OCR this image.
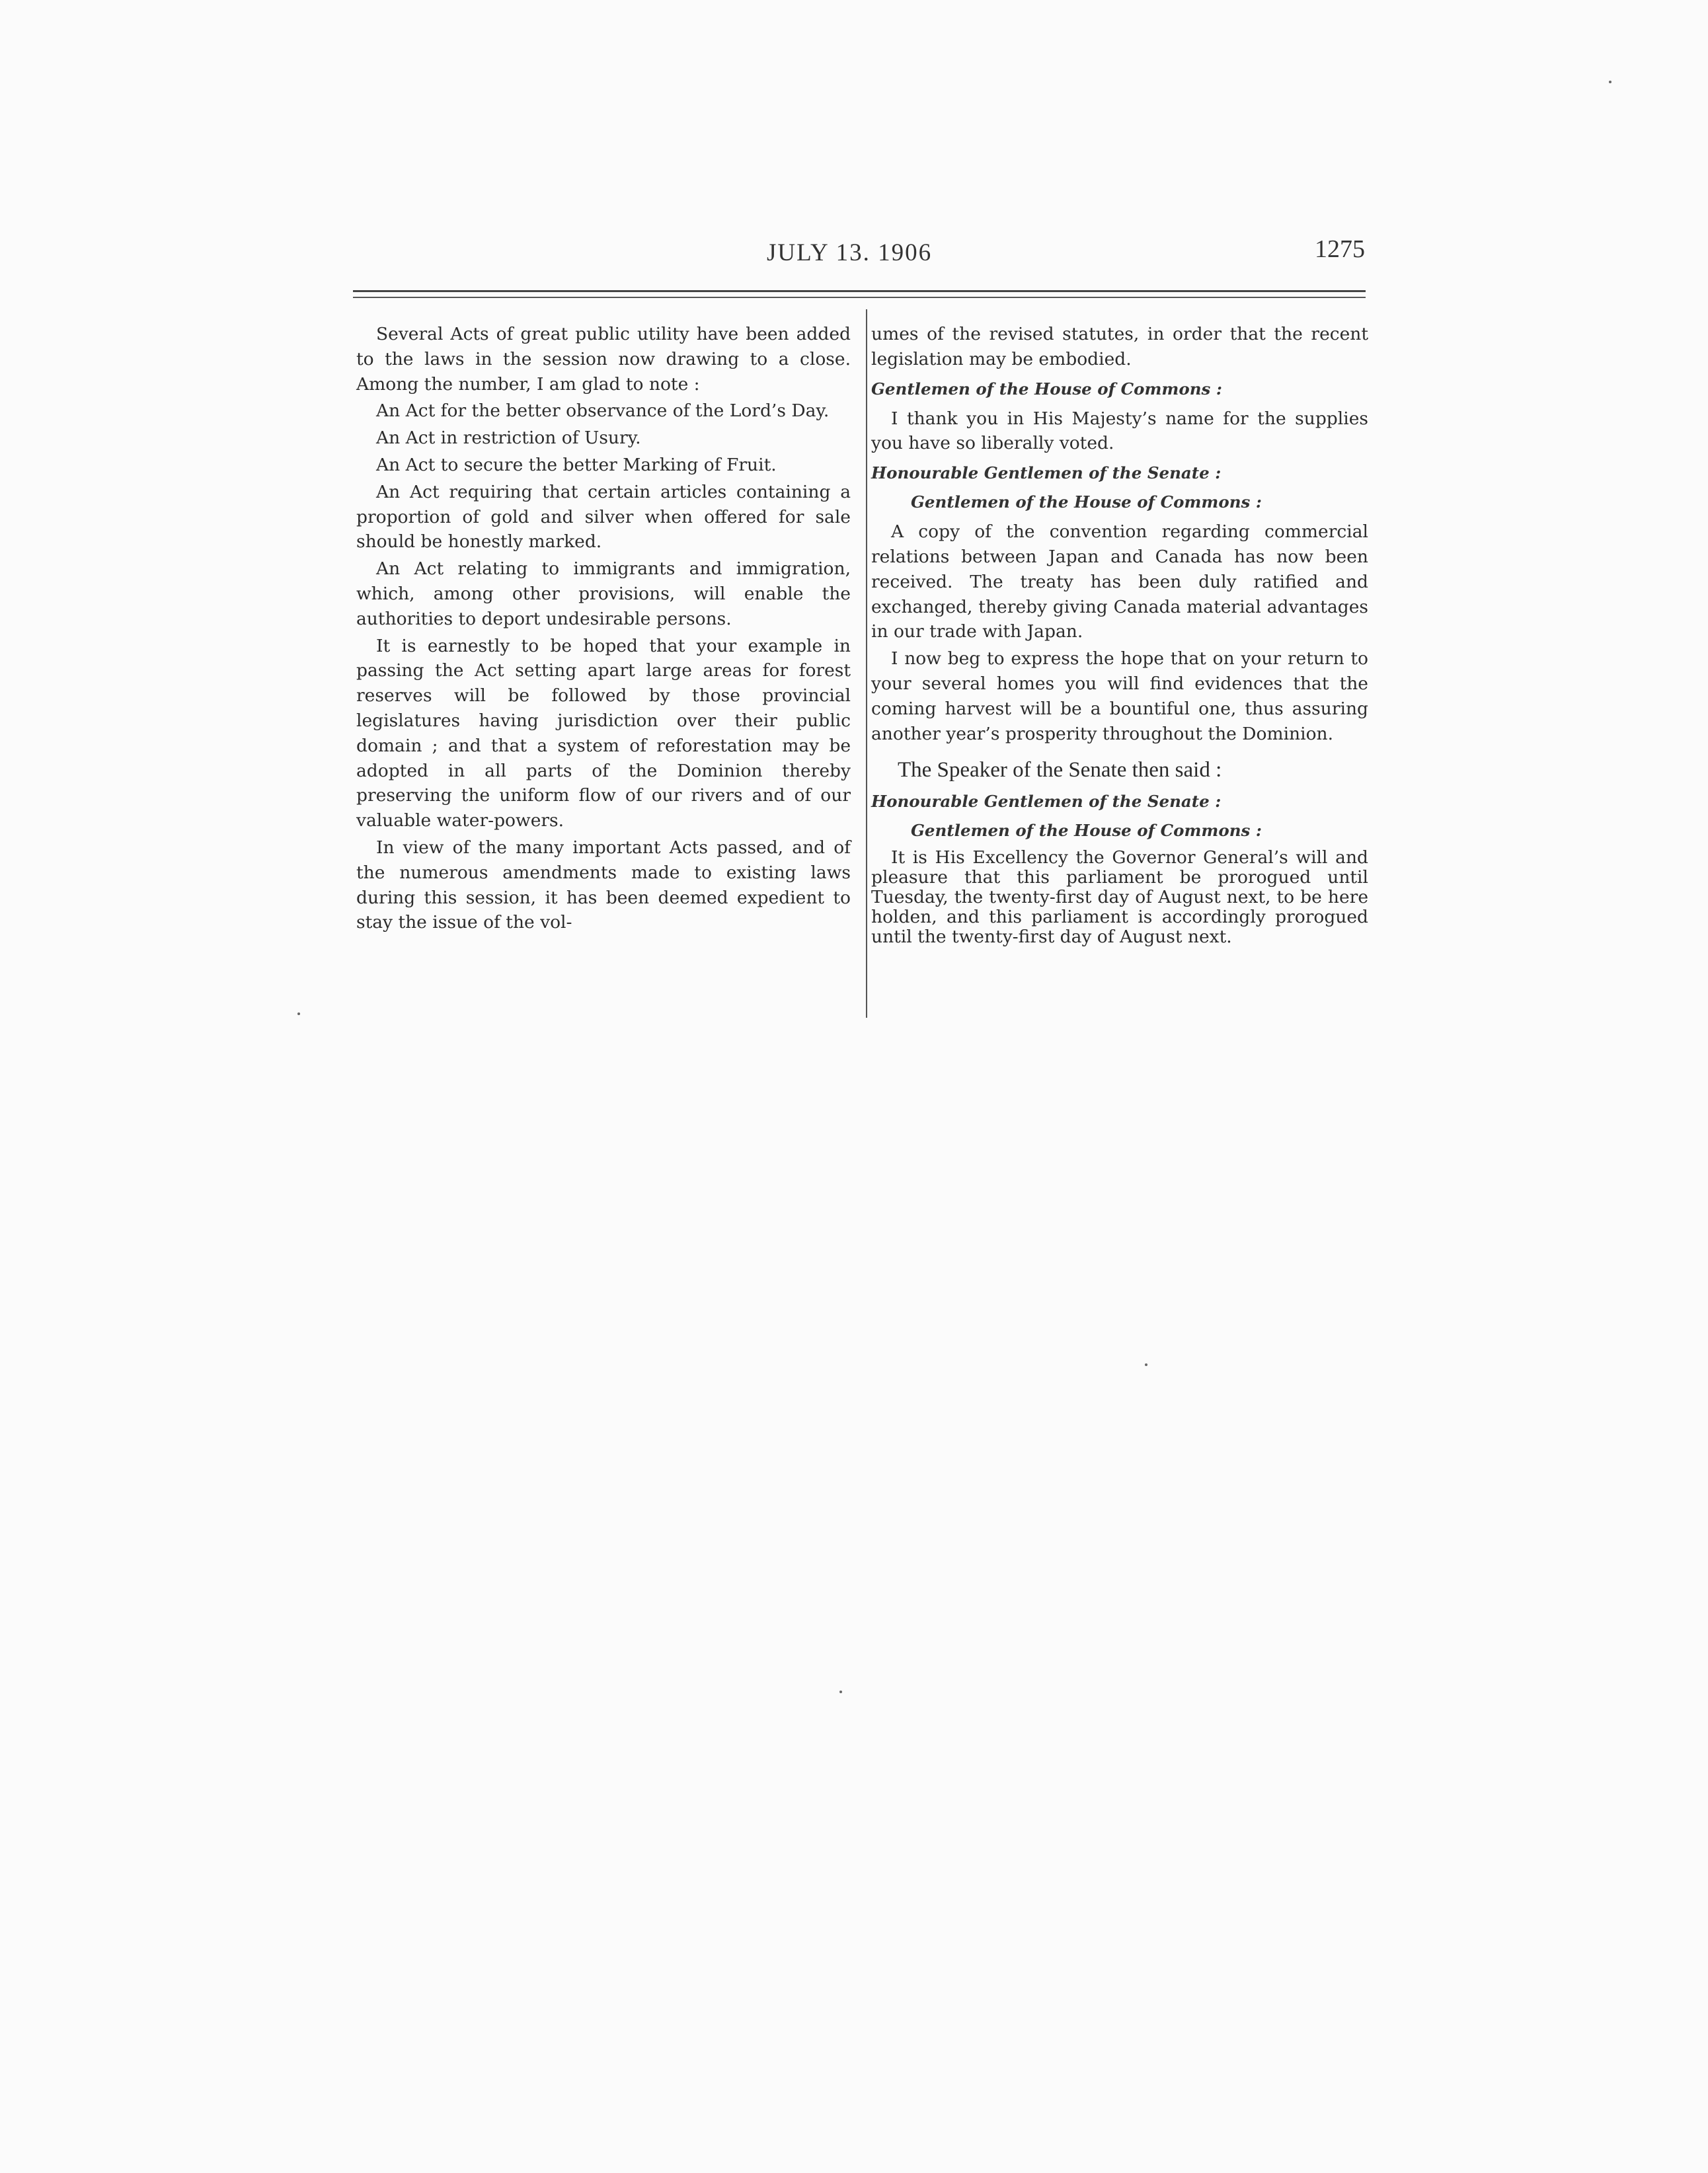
JULY 13. 1906	1275

Several Acts of great public utility have been added to the laws in the session now drawing to a close. Among the number, I am glad to note :

An Act for the better observance of the Lord’s Day.

An Act in restriction of Usury.

An Act to secure the better Marking of Fruit.

An Act requiring that certain articles containing a proportion of gold and silver when offered for sale should be honestly marked.

An Act relating to immigrants and immigration, which, among other provisions, will enable the authorities to deport undesirable persons.

It is earnestly to be hoped that your example in passing the Act setting apart large areas for forest reserves will be followed by those provincial legislatures having jurisdiction over their public domain ; and that a system of reforestation may be adopted in all parts of the Dominion thereby preserving the uniform flow of our rivers and of our valuable water-powers.

In view of the many important Acts passed, and of the numerous amendments made to existing laws during this session, it has been deemed expedient to stay the issue of the vol-

umes of the revised statutes, in order that the recent legislation may be embodied.

Gentlemen of the House of Commons :

I thank you in His Majesty’s name for the supplies you have so liberally voted.

Honourable Gentlemen of the Senate :
Gentlemen of the House of Commons :

A copy of the convention regarding commercial relations between Japan and Canada has now been received. The treaty has been duly ratified and exchanged, thereby giving Canada material advantages in our trade with Japan.

I now beg to express the hope that on your return to your several homes you will find evidences that the coming harvest will be a bountiful one, thus assuring another year’s prosperity throughout the Dominion.

The Speaker of the Senate then said :
Honourable Gentlemen of the Senate :
Gentlemen of the House of Commons :

It is His Excellency the Governor General’s will and pleasure that this parliament be prorogued until Tuesday, the twenty-first day of August next, to be here holden, and this parliament is accordingly prorogued until the twenty-first day of August next.
